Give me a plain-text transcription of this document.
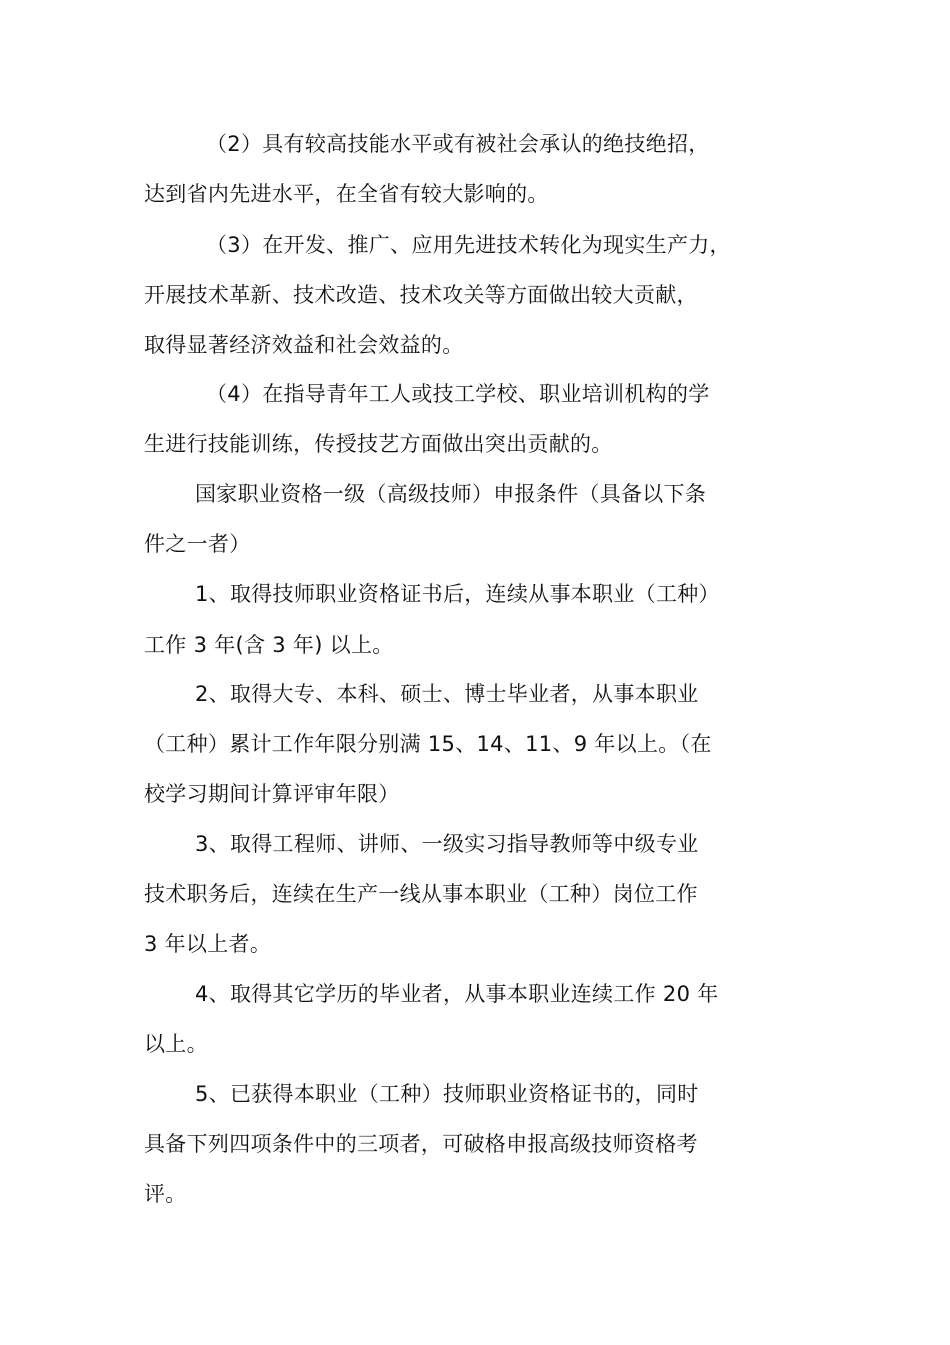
（2）具有较高技能水平或有被社会承认的绝技绝招，
达到省内先进水平，在全省有较大影响的。
（3）在开发、推广、应用先进技术转化为现实生产力，
开展技术革新、技术改造、技术攻关等方面做出较大贡献，
取得显著经济效益和社会效益的。
（4）在指导青年工人或技工学校、职业培训机构的学
生进行技能训练，传授技艺方面做出突出贡献的。
国家职业资格一级（高级技师）申报条件（具备以下条
件之一者）
1、取得技师职业资格证书后，连续从事本职业（工种）
工作 3 年(含 3 年) 以上。
2、取得大专、本科、硕士、博士毕业者，从事本职业
（工种）累计工作年限分别满 15、14、11、9 年以上。（在
校学习期间计算评审年限）
3、取得工程师、讲师、一级实习指导教师等中级专业
技术职务后，连续在生产一线从事本职业（工种）岗位工作
3 年以上者。
4、取得其它学历的毕业者，从事本职业连续工作 20 年
以上。
5、已获得本职业（工种）技师职业资格证书的，同时
具备下列四项条件中的三项者，可破格申报高级技师资格考
评。
